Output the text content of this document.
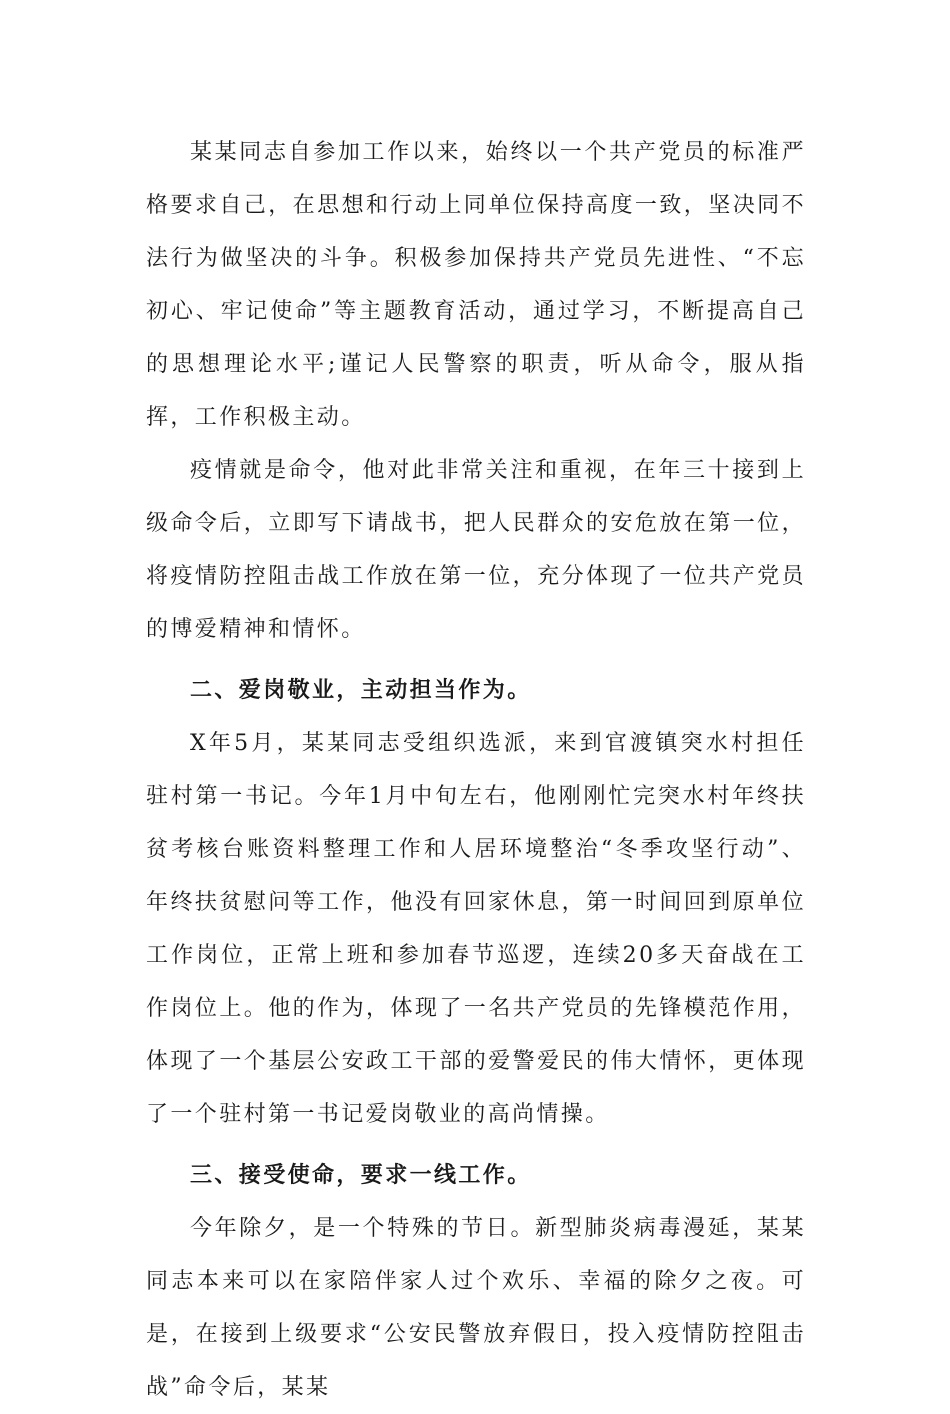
某某同志自参加工作以来，始终以一个共产党员的标准严格要求自己，在思想和行动上同单位保持高度一致，坚决同不法行为做坚决的斗争。积极参加保持共产党员先进性、“不忘初心、牢记使命”等主题教育活动，通过学习，不断提高自己的思想理论水平;谨记人民警察的职责，听从命令，服从指挥，工作积极主动。

疫情就是命令，他对此非常关注和重视，在年三十接到上级命令后，立即写下请战书，把人民群众的安危放在第一位，将疫情防控阻击战工作放在第一位，充分体现了一位共产党员的博爱精神和情怀。

二、爱岗敬业，主动担当作为。

X年5月，某某同志受组织选派，来到官渡镇突水村担任驻村第一书记。今年1月中旬左右，他刚刚忙完突水村年终扶贫考核台账资料整理工作和人居环境整治“冬季攻坚行动”、年终扶贫慰问等工作，他没有回家休息，第一时间回到原单位工作岗位，正常上班和参加春节巡逻，连续20多天奋战在工作岗位上。他的作为，体现了一名共产党员的先锋模范作用，体现了一个基层公安政工干部的爱警爱民的伟大情怀，更体现了一个驻村第一书记爱岗敬业的高尚情操。

三、接受使命，要求一线工作。

今年除夕，是一个特殊的节日。新型肺炎病毒漫延，某某同志本来可以在家陪伴家人过个欢乐、幸福的除夕之夜。可是，在接到上级要求“公安民警放弃假日，投入疫情防控阻击战”命令后，某某
